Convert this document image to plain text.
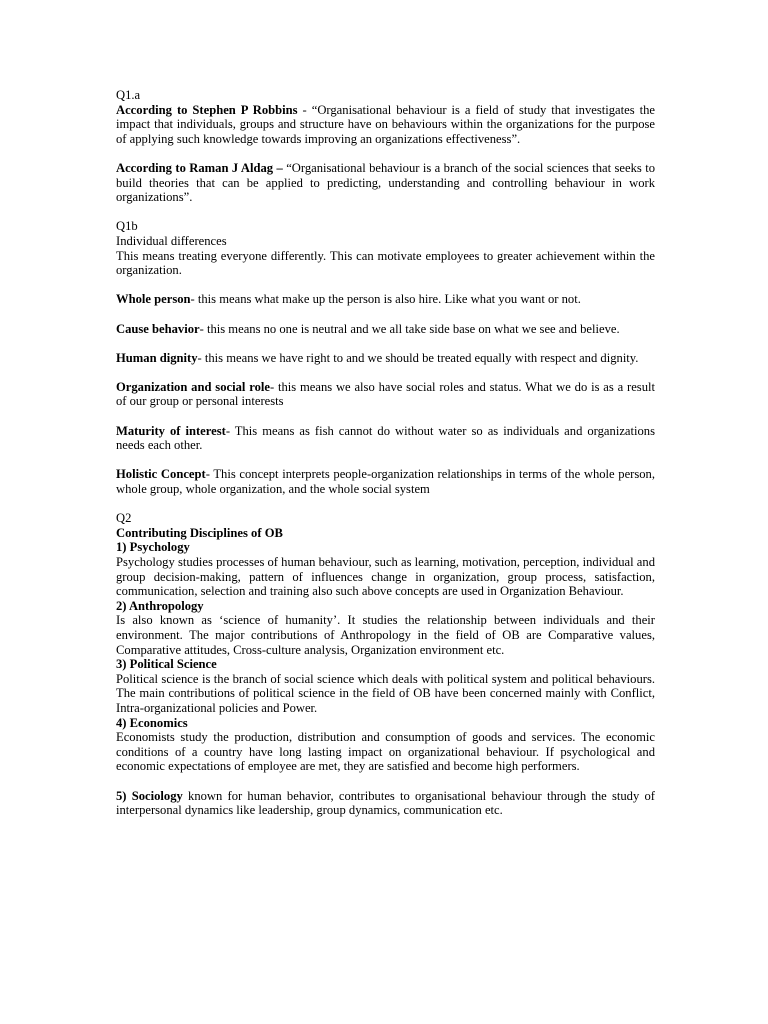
Q1.a

According to Stephen P Robbins - “Organisational behaviour is a field of study that investigates the impact that individuals, groups and structure have on behaviours within the organizations for the purpose of applying such knowledge towards improving an organizations effectiveness”.

According to Raman J Aldag – “Organisational behaviour is a branch of the social sciences that seeks to build theories that can be applied to predicting, understanding and controlling behaviour in work organizations”.

Q1b

Individual differences

This means treating everyone differently. This can motivate employees to greater achievement within the organization.

Whole person- this means what make up the person is also hire. Like what you want or not.

Cause behavior- this means no one is neutral and we all take side base on what we see and believe.

Human dignity- this means we have right to and we should be treated equally with respect and dignity.

Organization and social role- this means we also have social roles and status. What we do is as a result of our group or personal interests

Maturity of interest- This means as fish cannot do without water so as individuals and organizations needs each other.

Holistic Concept- This concept interprets people-organization relationships in terms of the whole person, whole group, whole organization, and the whole social system

Q2

Contributing Disciplines of OB

1) Psychology

Psychology studies processes of human behaviour, such as learning, motivation, perception, individual and group decision-making, pattern of influences change in organization, group process, satisfaction, communication, selection and training also such above concepts are used in Organization Behaviour.

2) Anthropology

Is also known as ‘science of humanity’. It studies the relationship between individuals and their environment. The major contributions of Anthropology in the field of OB are Comparative values, Comparative attitudes, Cross-culture analysis, Organization environment etc.

3) Political Science

Political science is the branch of social science which deals with political system and political behaviours. The main contributions of political science in the field of OB have been concerned mainly with Conflict, Intra-organizational policies and Power.

4) Economics

Economists study the production, distribution and consumption of goods and services. The economic conditions of a country have long lasting impact on organizational behaviour. If psychological and economic expectations of employee are met, they are satisfied and become high performers.

5) Sociology known for human behavior, contributes to organisational behaviour through the study of interpersonal dynamics like leadership, group dynamics, communication etc.
